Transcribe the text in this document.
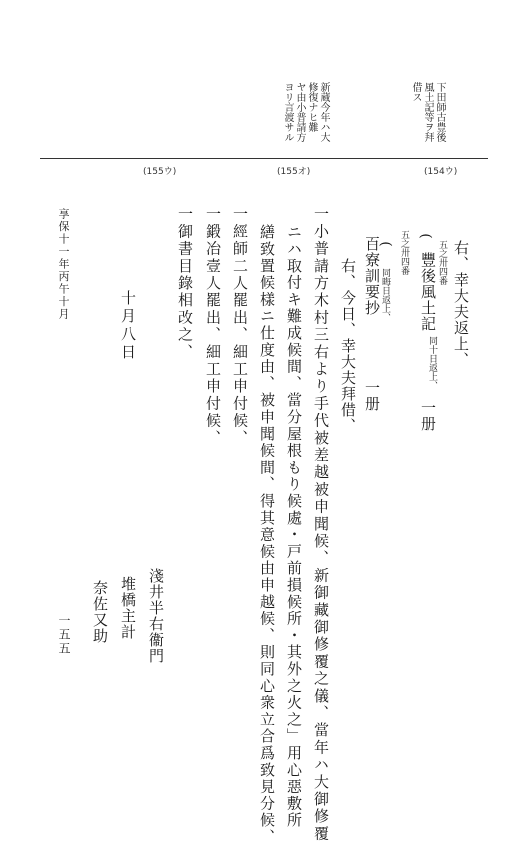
下田師古豊後
風土記等ヲ拜
借ス
新蔵今年ハ大
修復ナヒ難
ヤ由小普請方
ヨリ言渡サル
(155ウ)	(155オ)	(154ウ)
右、幸大夫返上、
五之卅四番
(
豐後風土記
同十日返上、
一册
五之卅四番
同晦日返上、
(
百寮訓要抄
一册
右、今日、幸大夫拜借、
一小普請方木村三右より手代被差越被申聞候、新御藏御修覆之儀、當年ハ大御修覆
ニハ取付キ難成候間、當分屋根もり候處・戸前損候所・其外之火之」用心惡敷所
繕致置候樣ニ仕度由、被申聞候間、得其意候由申越候、則同心衆立合爲致見分候、
一經師二人罷出、細工申付候、
一鍛冶壹人罷出、細工申付候、
一御書目錄相改之、
十月八日
淺井半右衞門
堆橋主計
奈佐又助
享保十一年丙午十月
一五五
